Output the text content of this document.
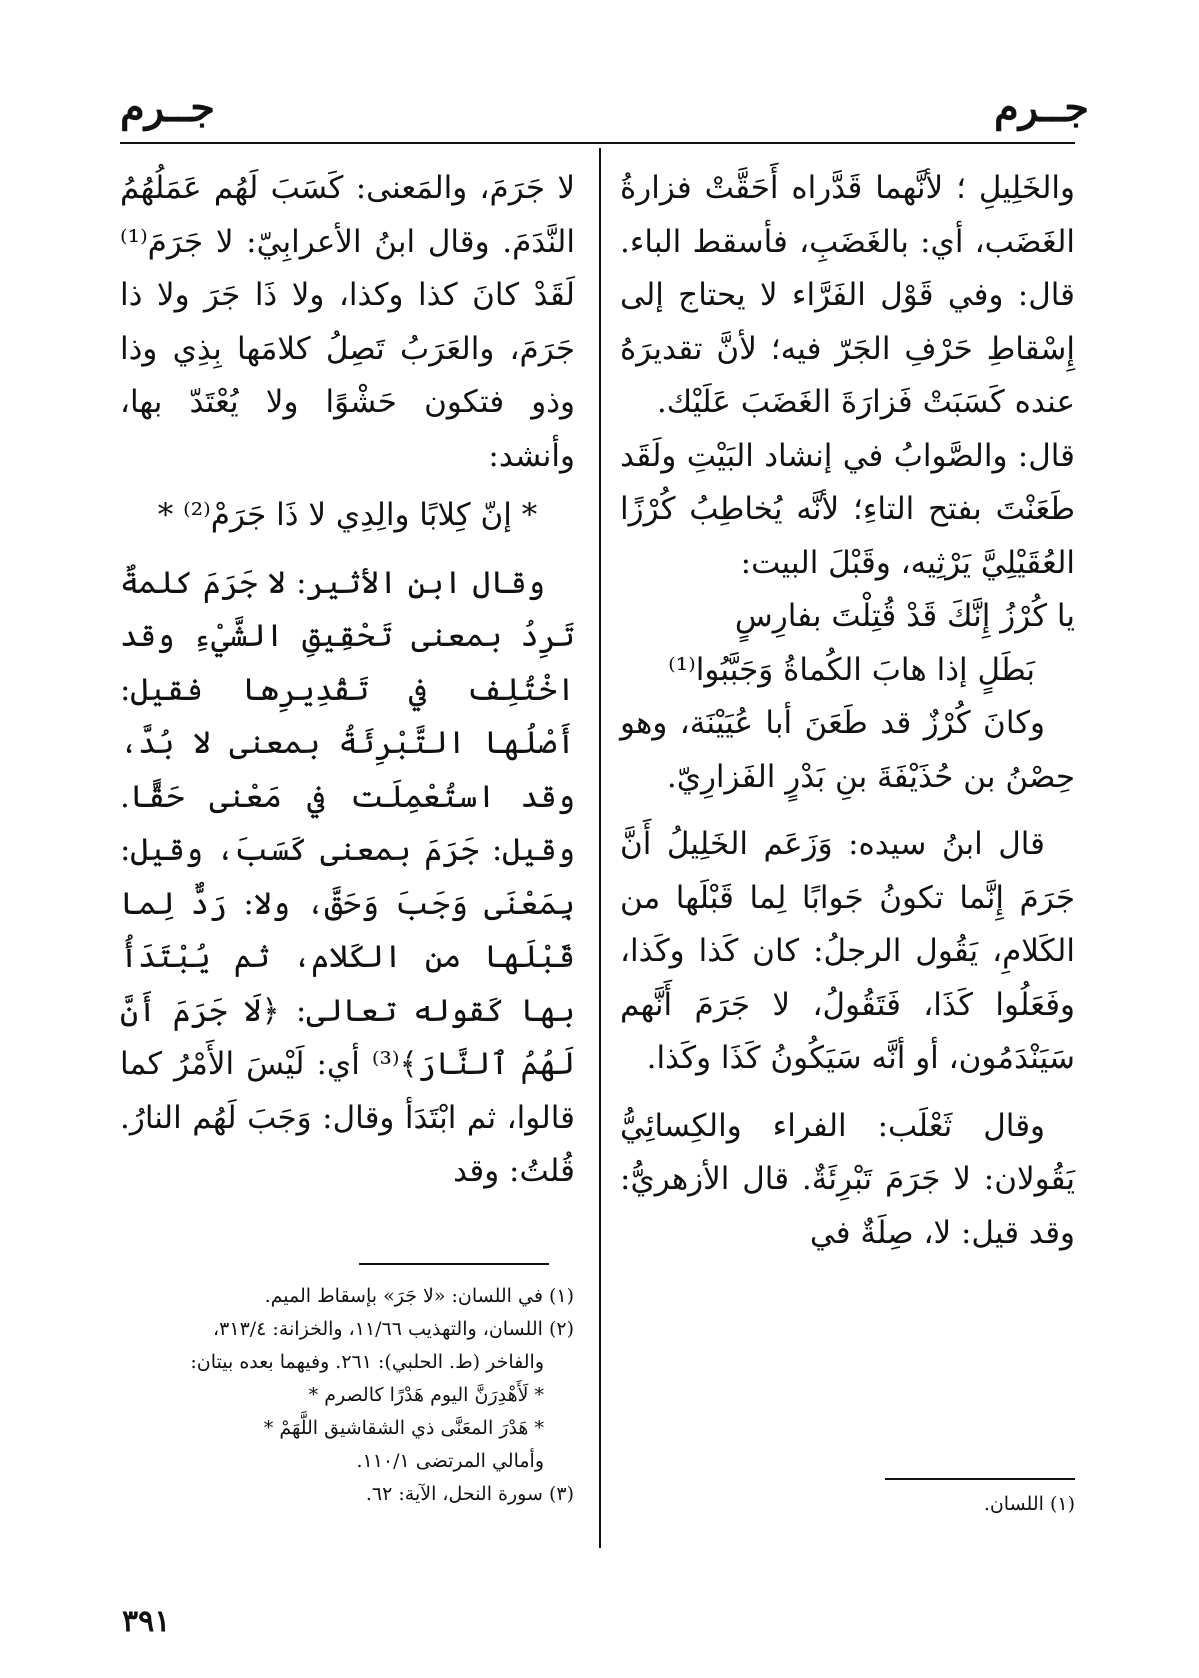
جــرم
جــرم

والخَلِيلِ ؛ لأنَّهما قَدَّراه أَحَقَّتْ فزارةُ الغَضَب، أي: بالغَضَبِ، فأسقط الباء. قال: وفي قَوْل الفَرَّاء لا يحتاج إلى إِسْقاطِ حَرْفِ الجَرّ فيه؛ لأنَّ تقديرَهُ عنده كَسَبَتْ فَزارَةَ الغَضَبَ عَلَيْك.

قال: والصَّوابُ في إنشاد البَيْتِ ولَقَد طَعَنْتَ بفتح التاءِ؛ لأنَّه يُخاطِبُ كُرْزًا العُقَيْلِيَّ يَرْثِيه، وقَبْلَ البيت:

يا كُرْزُ إِنَّكَ قَدْ قُتِلْتَ بفارِسٍ

بَطَلٍ إذا هابَ الكُماةُ وَجَبَّبُوا⁽¹⁾

وكانَ كُرْزٌ قد طَعَنَ أبا عُيَيْنَة، وهو حِصْنُ بن حُذَيْفَةَ بنِ بَدْرٍ الفَزارِيّ.

قال ابنُ سيده: وَزَعَم الخَلِيلُ أَنَّ جَرَمَ إِنَّما تكونُ جَوابًا لِما قَبْلَها من الكَلامِ، يَقُول الرجلُ: كان كَذا وكَذا، وفَعَلُوا كَذَا، فَتَقُولُ، لا جَرَمَ أَنَّهم سَيَنْدَمُون، أو أنَّه سَيَكُونُ كَذَا وكَذا.

وقال ثَعْلَب: الفراء والكِسائِيُّ يَقُولان: لا جَرَمَ تَبْرِئَةٌ. قال الأزهريُّ: وقد قيل: لا، صِلَةٌ في

لا جَرَمَ، والمَعنى: كَسَبَ لَهُم عَمَلُهُمُ النَّدَمَ. وقال ابنُ الأعرابِيّ: لا جَرَمَ⁽¹⁾ لَقَدْ كانَ كذا وكذا، ولا ذَا جَرَ ولا ذا جَرَمَ، والعَرَبُ تَصِلُ كلامَها بِذِي وذا وذو فتكون حَشْوًا ولا يُعْتَدّ بها، وأنشد:

* إنّ كِلابًا والِدِي لا ذَا جَرَمْ⁽²⁾ *

وقال ابن الأثير: لا جَرَمَ كلمةٌ تَرِدُ بمعنى تَحْقِيقِ الشَّيْءِ وقد اخْتُلِف في تَقْدِيرِها فقيل: أَصْلُها التَّبْرِئَةُ بمعنى لا بُدَّ، وقد استُعْمِلَت في مَعْنى حَقًّا. وقيل: جَرَمَ بمعنى كَسَبَ، وقيل: بِمَعْنَى وَجَبَ وَحَقَّ، ولا: رَدٌّ لِما قَبْلَها من الكَلام، ثم يُبْتَدَأُ بها كَقوله تعالى: ﴿لَا جَرَمَ أَنَّ لَهُمُ ٱلنَّارَ﴾⁽³⁾ أي: لَيْسَ الأَمْرُ كما قالوا، ثم ابْتَدَأ وقال: وَجَبَ لَهُم النارُ. قُلتُ: وقد

(١) اللسان.

(١) في اللسان: «لا جَرَ» بإسقاط الميم.

(٢) اللسان، والتهذيب ١١/٦٦، والخزانة: ٣١٣/٤،

والفاخر (ط. الحلبي): ٢٦١. وفيهما بعده بيتان:

* لَأَهْدِرَنَّ اليوم هَدْرًا كالصرم *

* هَدْرَ المعَنَّى ذي الشقاشيق اللَّهَمْ *

وأمالي المرتضى ١١٠/١.

(٣) سورة النحل، الآية: ٦٢.

٣٩١
